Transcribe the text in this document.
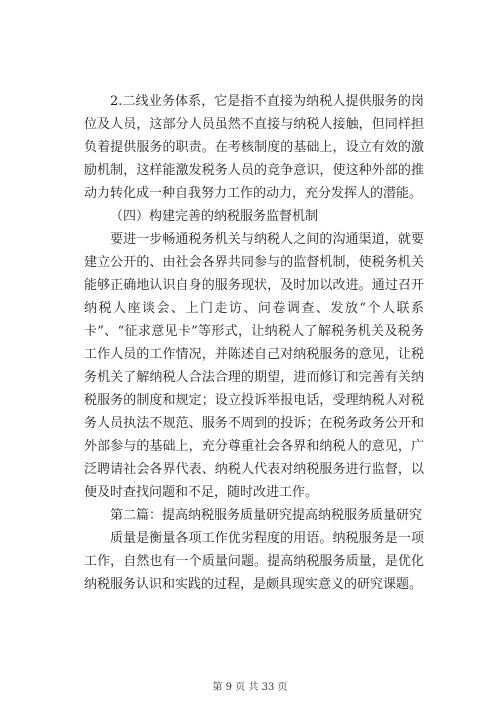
2.二线业务体系，它是指不直接为纳税人提供服务的岗位及人员，这部分人员虽然不直接与纳税人接触，但同样担负着提供服务的职责。在考核制度的基础上，设立有效的激励机制，这样能激发税务人员的竞争意识，使这种外部的推动力转化成一种自我努力工作的动力，充分发挥人的潜能。

（四）构建完善的纳税服务监督机制

要进一步畅通税务机关与纳税人之间的沟通渠道，就要建立公开的、由社会各界共同参与的监督机制，使税务机关能够正确地认识自身的服务现状，及时加以改进。通过召开纳税人座谈会、上门走访、问卷调查、发放“个人联系卡”、“征求意见卡”等形式，让纳税人了解税务机关及税务工作人员的工作情况，并陈述自己对纳税服务的意见，让税务机关了解纳税人合法合理的期望，进而修订和完善有关纳税服务的制度和规定；设立投诉举报电话，受理纳税人对税务人员执法不规范、服务不周到的投诉；在税务政务公开和外部参与的基础上，充分尊重社会各界和纳税人的意见，广泛聘请社会各界代表、纳税人代表对纳税服务进行监督，以便及时查找问题和不足，随时改进工作。

第二篇：提高纳税服务质量研究提高纳税服务质量研究

质量是衡量各项工作优劣程度的用语。纳税服务是一项工作，自然也有一个质量问题。提高纳税服务质量，是优化纳税服务认识和实践的过程，是颇具现实意义的研究课题。

第 9 页 共 33 页
